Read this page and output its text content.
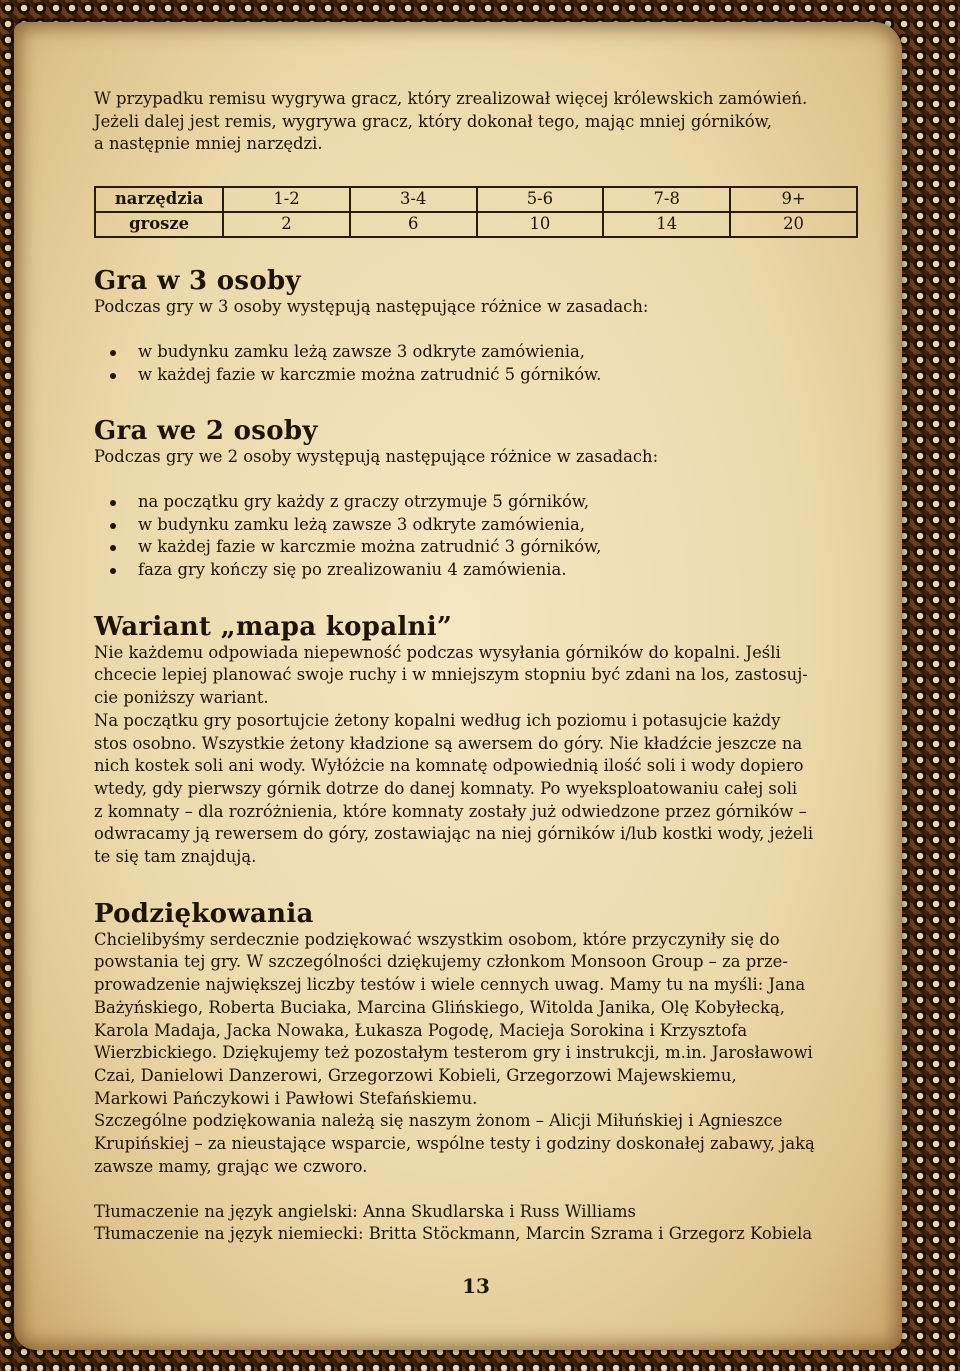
W przypadku remisu wygrywa gracz, który zrealizował więcej królewskich zamówień.

Jeżeli dalej jest remis, wygrywa gracz, który dokonał tego, mając mniej górników,

a następnie mniej narzędzi.

narzędzia	1-2	3-4	5-6	7-8	9+
grosze	2	6	10	14	20
Gra w 3 osoby

Podczas gry w 3 osoby występują następujące różnice w zasadach:

w budynku zamku leżą zawsze 3 odkryte zamówienia,
w każdej fazie w karczmie można zatrudnić 5 górników.
Gra we 2 osoby

Podczas gry we 2 osoby występują następujące różnice w zasadach:

na początku gry każdy z graczy otrzymuje 5 górników,
w budynku zamku leżą zawsze 3 odkryte zamówienia,
w każdej fazie w karczmie można zatrudnić 3 górników,
faza gry kończy się po zrealizowaniu 4 zamówienia.
Wariant „mapa kopalni”

Nie każdemu odpowiada niepewność podczas wysyłania górników do kopalni. Jeśli

chcecie lepiej planować swoje ruchy i w mniejszym stopniu być zdani na los, zastosuj-

cie poniższy wariant.

Na początku gry posortujcie żetony kopalni według ich poziomu i potasujcie każdy

stos osobno. Wszystkie żetony kładzione są awersem do góry. Nie kładźcie jeszcze na

nich kostek soli ani wody. Wyłóżcie na komnatę odpowiednią ilość soli i wody dopiero

wtedy, gdy pierwszy górnik dotrze do danej komnaty. Po wyeksploatowaniu całej soli

z komnaty – dla rozróżnienia, które komnaty zostały już odwiedzone przez górników –

odwracamy ją rewersem do góry, zostawiając na niej górników i/lub kostki wody, jeżeli

te się tam znajdują.

Podziękowania

Chcielibyśmy serdecznie podziękować wszystkim osobom, które przyczyniły się do

powstania tej gry. W szczególności dziękujemy członkom Monsoon Group – za prze-

prowadzenie największej liczby testów i wiele cennych uwag. Mamy tu na myśli: Jana

Bażyńskiego, Roberta Buciaka, Marcina Glińskiego, Witolda Janika, Olę Kobyłecką,

Karola Madaja, Jacka Nowaka, Łukasza Pogodę, Macieja Sorokina i Krzysztofa

Wierzbickiego. Dziękujemy też pozostałym testerom gry i instrukcji, m.in. Jarosławowi

Czai, Danielowi Danzerowi, Grzegorzowi Kobieli, Grzegorzowi Majewskiemu,

Markowi Pańczykowi i Pawłowi Stefańskiemu.

Szczególne podziękowania należą się naszym żonom – Alicji Miłuńskiej i Agnieszce

Krupińskiej – za nieustające wsparcie, wspólne testy i godziny doskonałej zabawy, jaką

zawsze mamy, grając we czworo.

Tłumaczenie na język angielski: Anna Skudlarska i Russ Williams

Tłumaczenie na język niemiecki: Britta Stöckmann, Marcin Szrama i Grzegorz Kobiela

13
